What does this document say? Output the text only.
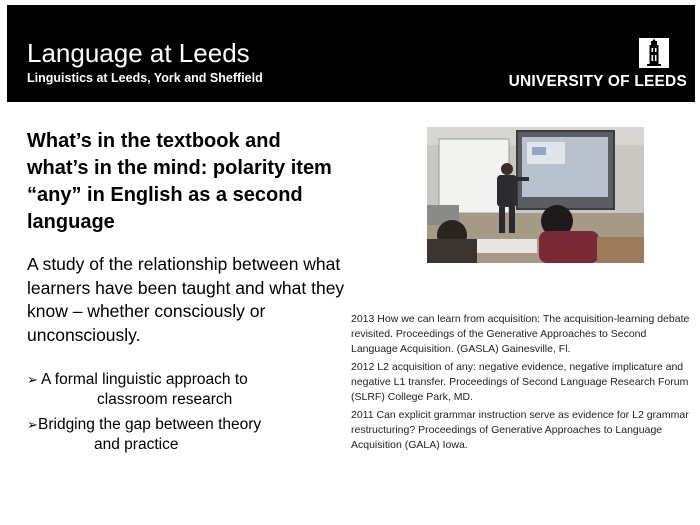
Language at Leeds
Linguistics at Leeds, York and Sheffield	UNIVERSITY OF LEEDS
What’s in the textbook and what’s in the mind: polarity item “any” in English as a second language

A study of the relationship between what learners have been taught and what they know – whether consciously or unconsciously.

➢ A formal linguistic approach to
classroom research
➢ Bridging the gap between theory
and practice

2013 How we can learn from acquisition: The acquisition-learning debate revisited. Proceedings of the Generative Approaches to Second Language Acquisition. (GASLA) Gainesville, Fl.

2012 L2 acquisition of any: negative evidence, negative implicature and negative L1 transfer. Proceedings of Second Language Research Forum (SLRF) College Park, MD.

2011 Can explicit grammar instruction serve as evidence for L2 grammar restructuring? Proceedings of Generative Approaches to Language Acquisition (GALA) Iowa.
